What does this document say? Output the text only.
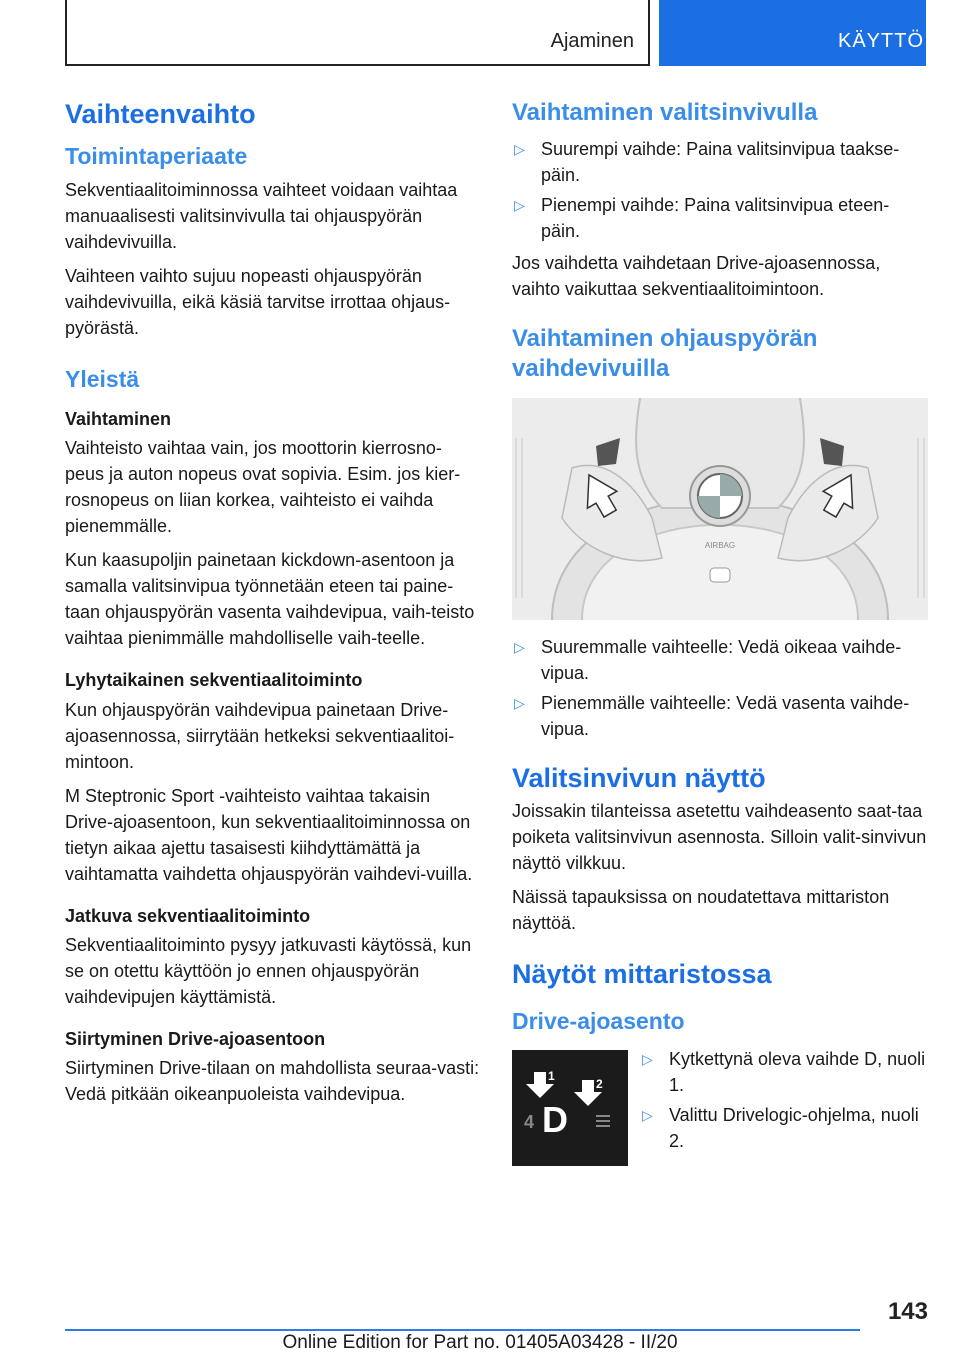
Ajaminen	KÄYTTÖ
Vaihteenvaihto
Toimintaperiaate

Sekventiaalitoiminnossa vaihteet voidaan vaihtaa manuaalisesti valitsinvivulla tai ohjauspyörän vaihdevivuilla.

Vaihteen vaihto sujuu nopeasti ohjauspyörän vaihdevivuilla, eikä käsiä tarvitse irrottaa ohjaus-pyörästä.

Yleistä
Vaihtaminen

Vaihteisto vaihtaa vain, jos moottorin kierrosno-peus ja auton nopeus ovat sopivia. Esim. jos kier-rosnopeus on liian korkea, vaihteisto ei vaihda pienemmälle.

Kun kaasupoljin painetaan kickdown-asentoon ja samalla valitsinvipua työnnetään eteen tai paine-taan ohjauspyörän vasenta vaihdevipua, vaih-teisto vaihtaa pienimmälle mahdolliselle vaih-teelle.

Lyhytaikainen sekventiaalitoiminto

Kun ohjauspyörän vaihdevipua painetaan Drive-ajoasennossa, siirrytään hetkeksi sekventiaalitoi-mintoon.

M Steptronic Sport -vaihteisto vaihtaa takaisin Drive-ajoasentoon, kun sekventiaalitoiminnossa on tietyn aikaa ajettu tasaisesti kiihdyttämättä ja vaihtamatta vaihdetta ohjauspyörän vaihdevi-vuilla.

Jatkuva sekventiaalitoiminto

Sekventiaalitoiminto pysyy jatkuvasti käytössä, kun se on otettu käyttöön jo ennen ohjauspyörän vaihdevipujen käyttämistä.

Siirtyminen Drive-ajoasentoon

Siirtyminen Drive-tilaan on mahdollista seuraa-vasti: Vedä pitkään oikeanpuoleista vaihdevipua.

Vaihtaminen valitsinvivulla
▷ Suurempi vaihde: Paina valitsinvipua taakse-päin.
▷ Pienempi vaihde: Paina valitsinvipua eteen-päin.

Jos vaihdetta vaihdetaan Drive-ajoasennossa, vaihto vaikuttaa sekventiaalitoimintoon.

Vaihtaminen ohjauspyörän vaihdevivuilla
AIRBAG
▷ Suuremmalle vaihteelle: Vedä oikeaa vaihde-vipua.
▷ Pienemmälle vaihteelle: Vedä vasenta vaihde-vipua.
Valitsinvivun näyttö

Joissakin tilanteissa asetettu vaihdeasento saat-taa poiketa valitsinvivun asennosta. Silloin valit-sinvivun näyttö vilkkuu.

Näissä tapauksissa on noudatettava mittariston näyttöä.

Näytöt mittaristossa
Drive-ajoasento
1
2
4 D
▷ Kytkettynä oleva vaihde D, nuoli 1.
▷ Valittu Drivelogic-ohjelma, nuoli 2.
143
Online Edition for Part no. 01405A03428 - II/20
